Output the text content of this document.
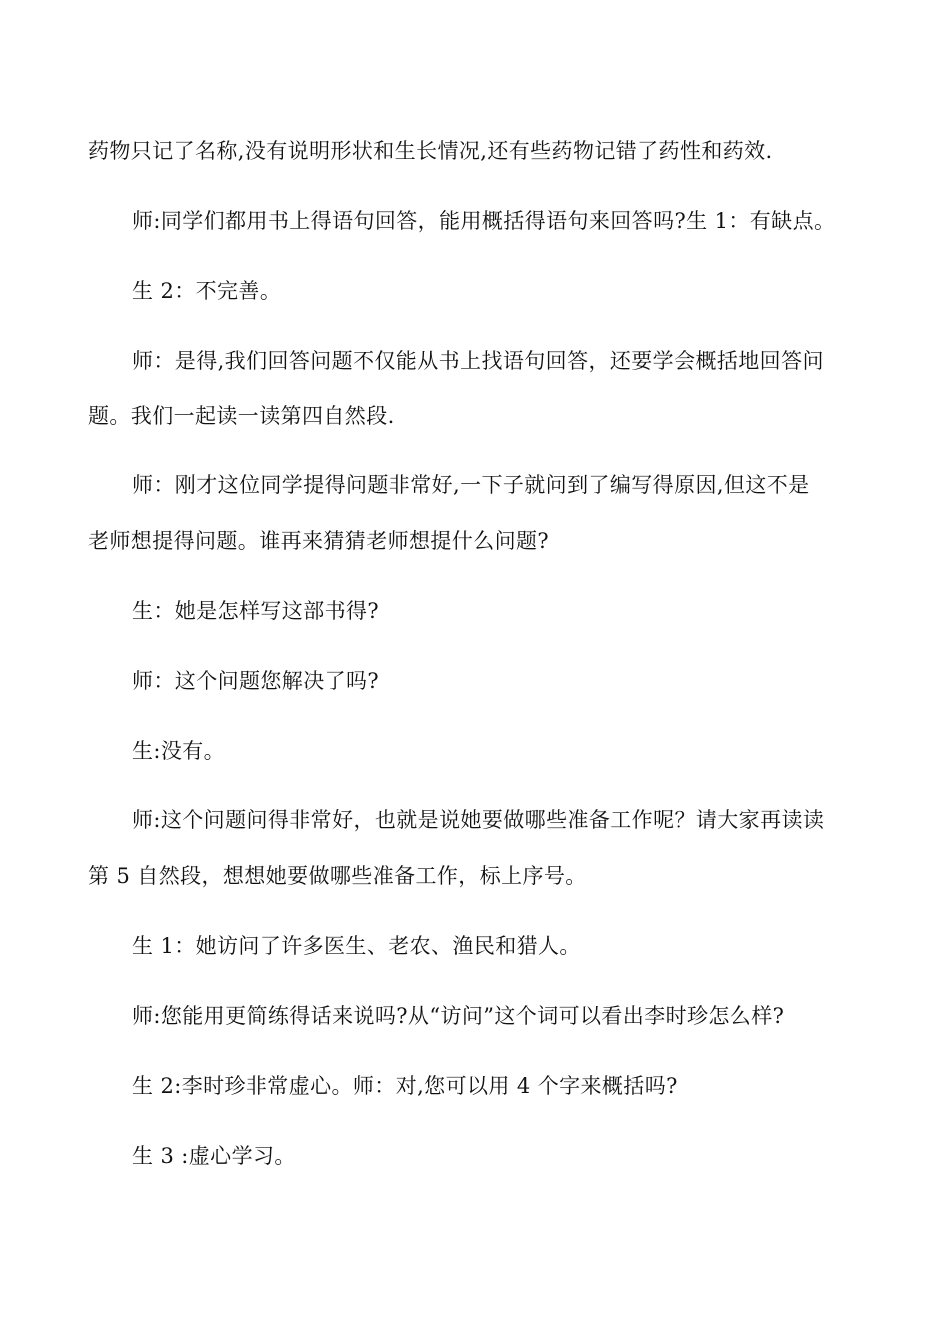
药物只记了名称,没有说明形状和生长情况,还有些药物记错了药性和药效.
师:同学们都用书上得语句回答，能用概括得语句来回答吗?生 1：有缺点。
生 2：不完善。
师：是得,我们回答问题不仅能从书上找语句回答，还要学会概括地回答问
题。我们一起读一读第四自然段.
师：刚才这位同学提得问题非常好,一下子就问到了编写得原因,但这不是
老师想提得问题。谁再来猜猜老师想提什么问题?
生：她是怎样写这部书得?
师：这个问题您解决了吗?
生:没有。
师:这个问题问得非常好，也就是说她要做哪些准备工作呢？请大家再读读
第 5 自然段，想想她要做哪些准备工作，标上序号。
生 1：她访问了许多医生、老农、渔民和猎人。
师:您能用更简练得话来说吗?从“访问”这个词可以看出李时珍怎么样?
生 2:李时珍非常虚心。师：对,您可以用 4 个字来概括吗?
生 3 :虚心学习。
